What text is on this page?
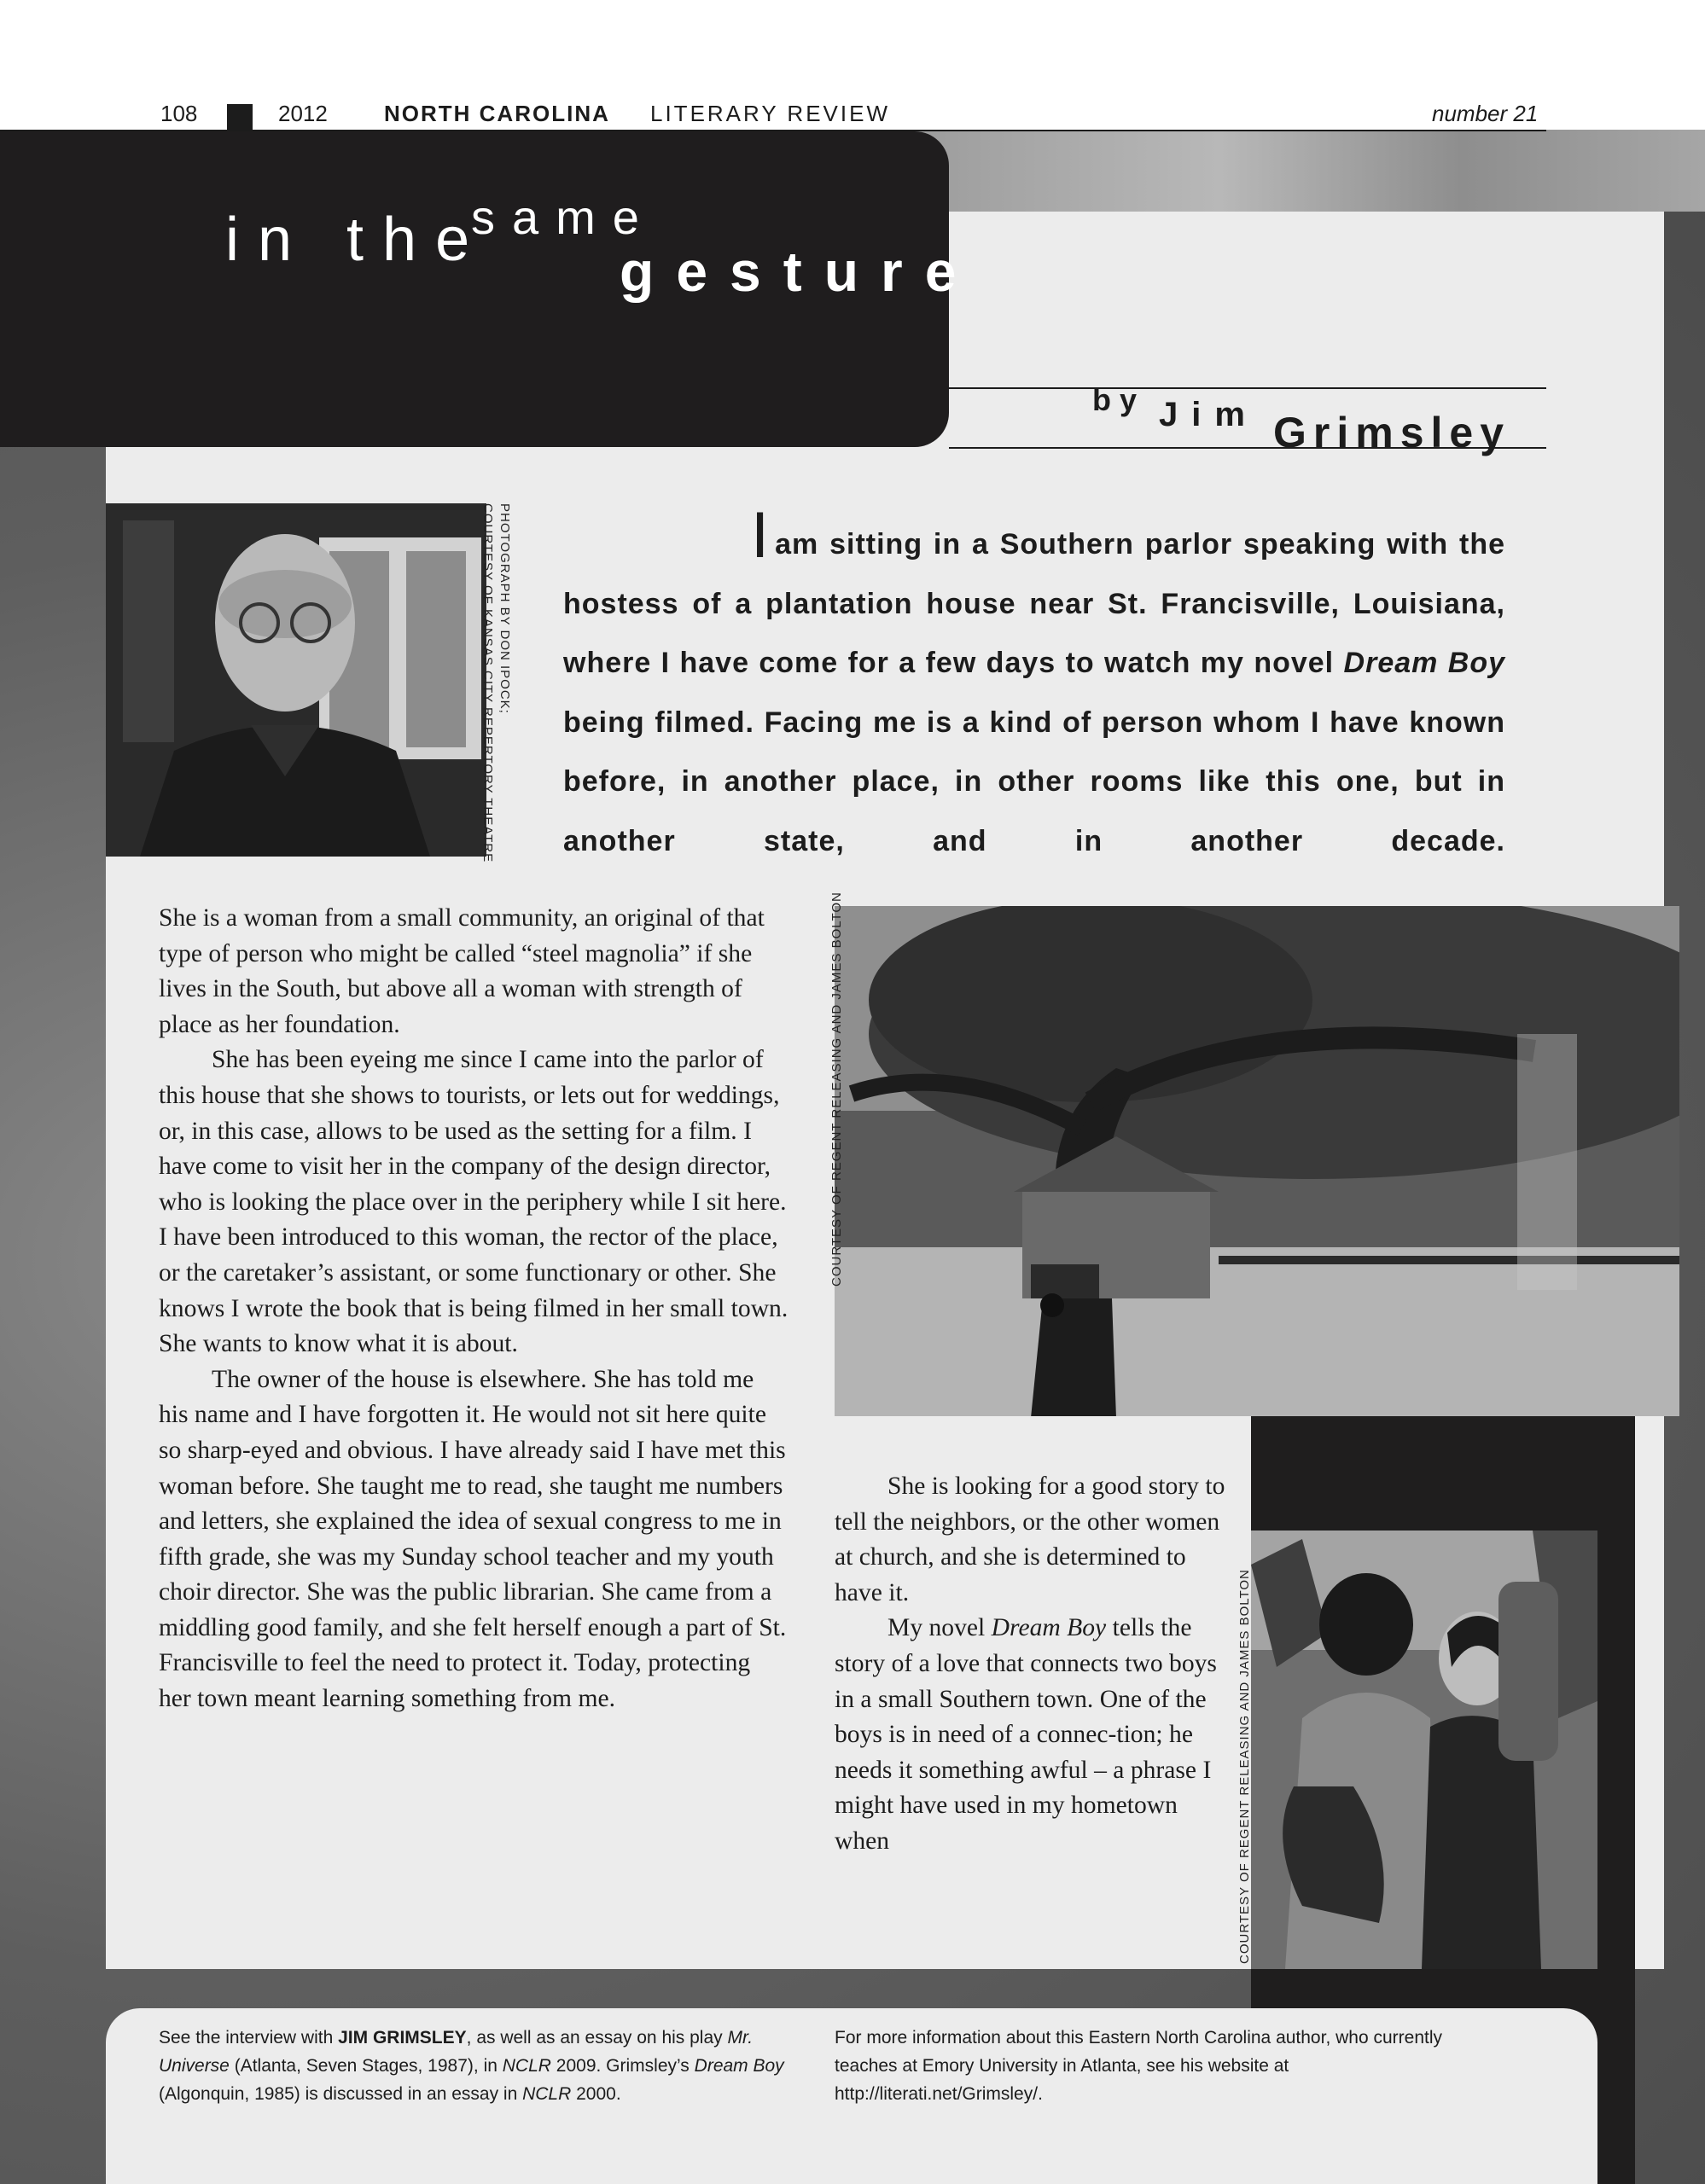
108	2012	NORTH CAROLINA LITERARY REVIEW	number 21
in the
same
gesture
by Jim Grimsley
PHOTOGRAPH BY DON IPOCK;
COURTESY OF KANSAS CITY REPERTORY THEATRE	Iam sitting in a Southern parlor speaking with the hostess of a plantation house near St. Francisville, Louisiana, where I have come for a few days to watch my novel Dream Boy being filmed. Facing me is a kind of person whom I have known before, in another place, in other rooms like this one, but in another state, and in another decade.

She is a woman from a small community, an original of that type of person who might be called “steel magnolia” if she lives in the South, but above all a woman with strength of place as her foundation.

She has been eyeing me since I came into the parlor of this house that she shows to tourists, or lets out for weddings, or, in this case, allows to be used as the setting for a film. I have come to visit her in the company of the design director, who is looking the place over in the periphery while I sit here. I have been introduced to this woman, the rector of the place, or the caretaker’s assistant, or some functionary or other. She knows I wrote the book that is being filmed in her small town. She wants to know what it is about.

The owner of the house is elsewhere. She has told me his name and I have forgotten it. He would not sit here quite so sharp-eyed and obvious. I have already said I have met this woman before. She taught me to read, she taught me numbers and letters, she explained the idea of sexual congress to me in fifth grade, she was my Sunday school teacher and my youth choir director. She was the public librarian. She came from a middling good family, and she felt herself enough a part of St. Francisville to feel the need to protect it. Today, protecting her town meant learning something from me.

COURTESY OF REGENT RELEASING AND JAMES BOLTON

She is looking for a good story to tell the neighbors, or the other women at church, and she is determined to have it.

My novel Dream Boy tells the story of a love that connects two boys in a small Southern town. One of the boys is in need of a connec-tion; he needs it something awful – a phrase I might have used in my hometown when	COURTESY OF REGENT RELEASING AND JAMES BOLTON
See the interview with JIM GRIMSLEY, as well as an essay on his play Mr. Universe (Atlanta, Seven Stages, 1987), in NCLR 2009. Grimsley’s Dream Boy (Algonquin, 1985) is discussed in an essay in NCLR 2000.
For more information about this Eastern North Carolina author, who currently teaches at Emory University in Atlanta, see his website at http://literati.net/Grimsley/.
